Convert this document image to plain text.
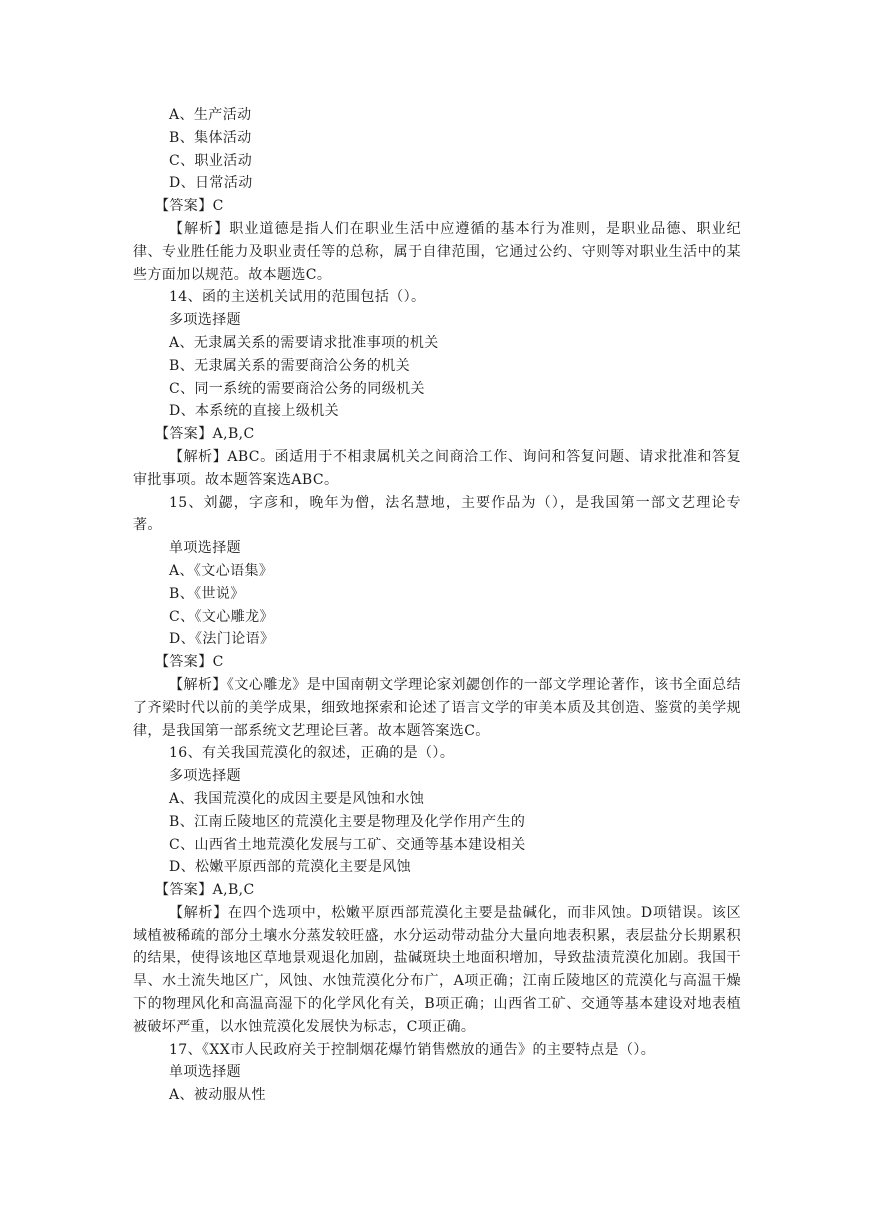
A、生产活动
B、集体活动
C、职业活动
D、日常活动
【答案】C
【解析】职业道德是指人们在职业生活中应遵循的基本行为准则，是职业品德、职业纪律、专业胜任能力及职业责任等的总称，属于自律范围，它通过公约、守则等对职业生活中的某些方面加以规范。故本题选C。
14、函的主送机关试用的范围包括（）。
多项选择题
A、无隶属关系的需要请求批准事项的机关
B、无隶属关系的需要商洽公务的机关
C、同一系统的需要商洽公务的同级机关
D、本系统的直接上级机关
【答案】A,B,C
【解析】ABC。函适用于不相隶属机关之间商洽工作、询问和答复问题、请求批准和答复审批事项。故本题答案选ABC。
15、刘勰，字彦和，晚年为僧，法名慧地，主要作品为（），是我国第一部文艺理论专著。
单项选择题
A、《文心语集》
B、《世说》
C、《文心雕龙》
D、《法门论语》
【答案】C
【解析】《文心雕龙》是中国南朝文学理论家刘勰创作的一部文学理论著作，该书全面总结了齐梁时代以前的美学成果，细致地探索和论述了语言文学的审美本质及其创造、鉴赏的美学规律，是我国第一部系统文艺理论巨著。故本题答案选C。
16、有关我国荒漠化的叙述，正确的是（）。
多项选择题
A、我国荒漠化的成因主要是风蚀和水蚀
B、江南丘陵地区的荒漠化主要是物理及化学作用产生的
C、山西省土地荒漠化发展与工矿、交通等基本建设相关
D、松嫩平原西部的荒漠化主要是风蚀
【答案】A,B,C
【解析】在四个选项中，松嫩平原西部荒漠化主要是盐碱化，而非风蚀。D项错误。该区域植被稀疏的部分土壤水分蒸发较旺盛，水分运动带动盐分大量向地表积累，表层盐分长期累积的结果，使得该地区草地景观退化加剧，盐碱斑块土地面积增加，导致盐渍荒漠化加剧。我国干旱、水土流失地区广，风蚀、水蚀荒漠化分布广，A项正确；江南丘陵地区的荒漠化与高温干燥下的物理风化和高温高湿下的化学风化有关，B项正确；山西省工矿、交通等基本建设对地表植被破坏严重，以水蚀荒漠化发展快为标志，C项正确。
17、《XX市人民政府关于控制烟花爆竹销售燃放的通告》的主要特点是（）。
单项选择题
A、被动服从性
